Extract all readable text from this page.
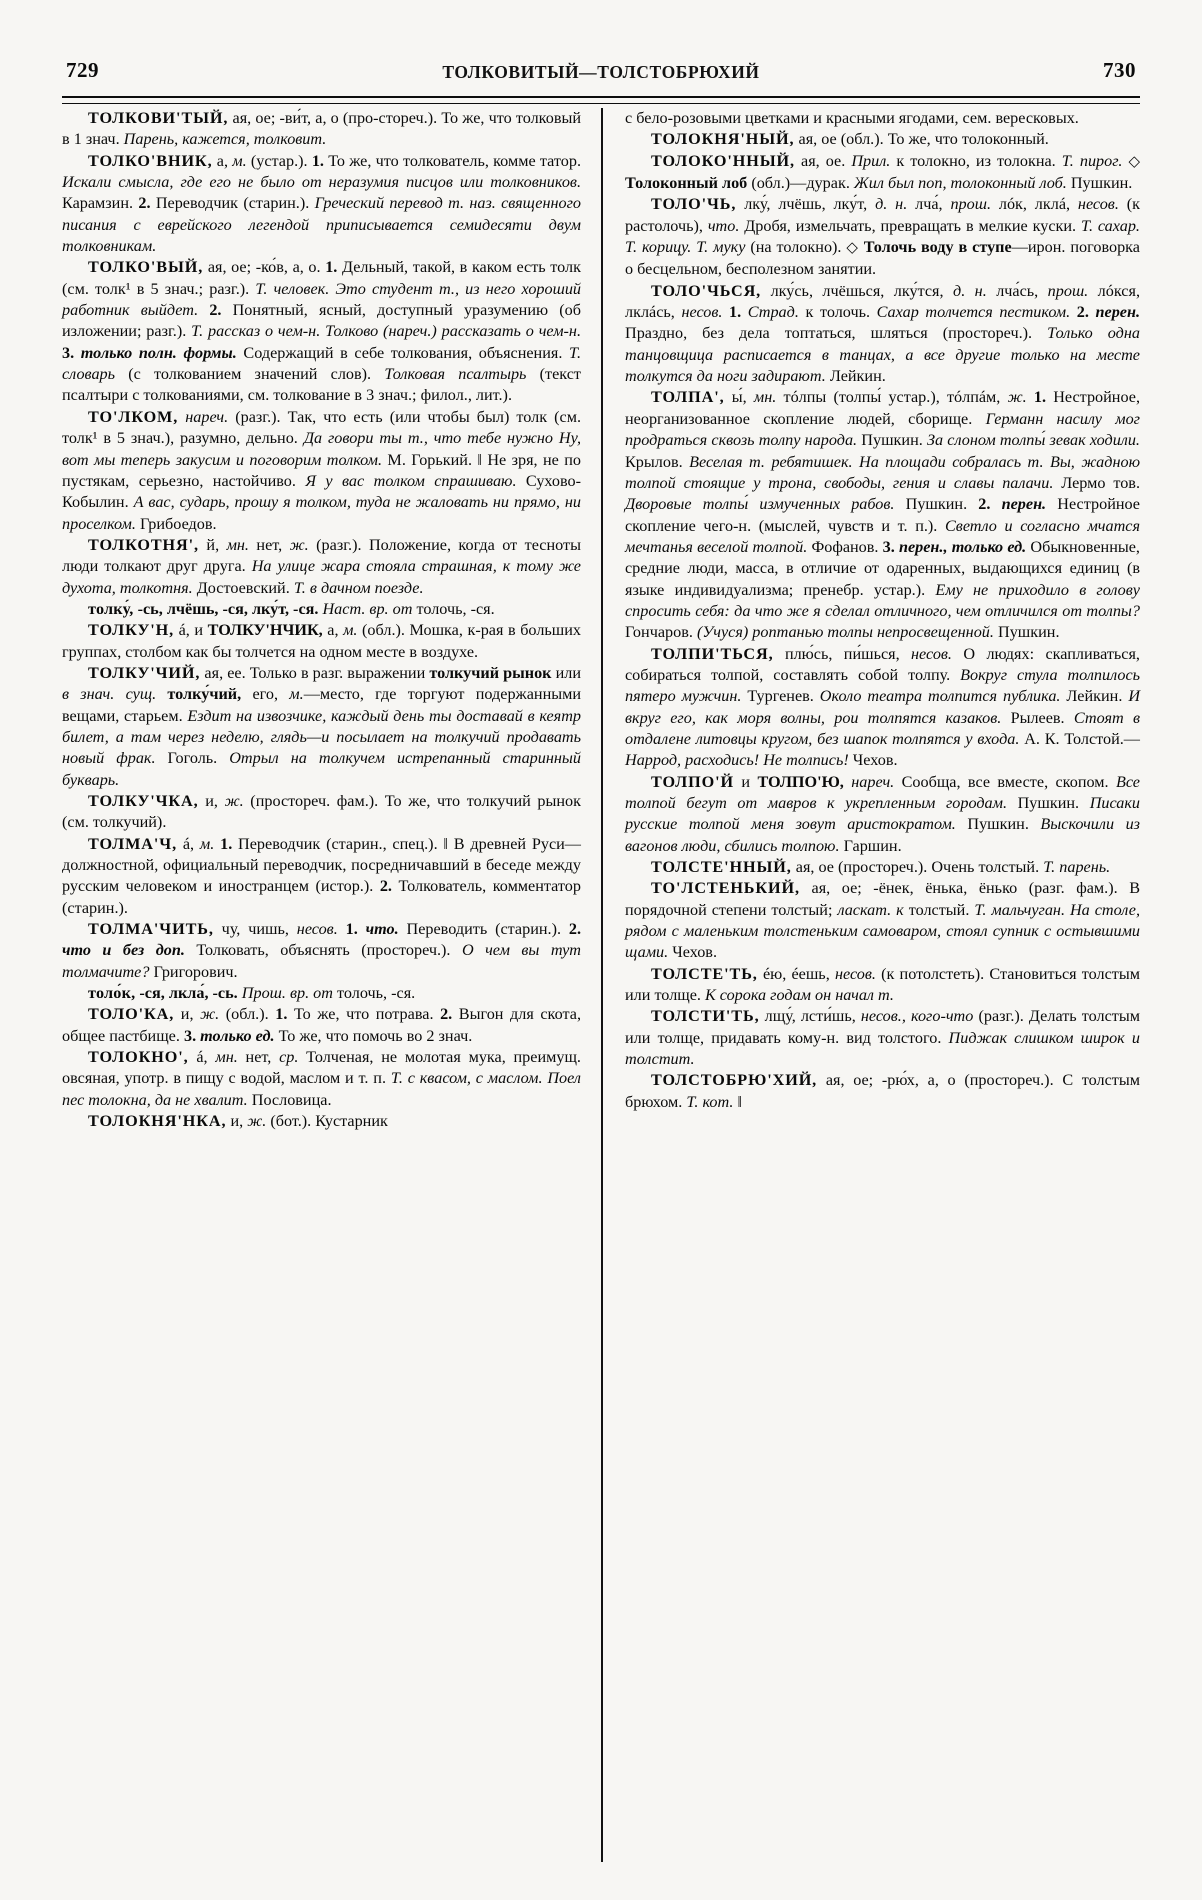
729	ТОЛКОВИТЫЙ—ТОЛСТОБРЮХИЙ	730

ТОЛКОВИ'ТЫЙ, ая, ое; -ви́т, а, о (про-стореч.). То же, что толковый в 1 знач. Парень, кажется, толковит.

ТОЛКО'ВНИК, а, м. (устар.). 1. То же, что толкователь, комме татор. Искали смысла, где его не было от неразумия писцов или толковников. Карамзин. 2. Переводчик (старин.). Греческий перевод т. наз. священного писания с еврейского легендой приписывается семидесяти двум толковникам.

ТОЛКО'ВЫЙ, ая, ое; -ко́в, а, о. 1. Дельный, такой, в каком есть толк (см. толк¹ в 5 знач.; разг.). Т. человек. Это студент т., из него хороший работник выйдет. 2. Понятный, ясный, доступный уразумению (об изложении; разг.). Т. рассказ о чем-н. Толково (нареч.) рассказать о чем-н. 3. только полн. формы. Содержащий в себе толкования, объяснения. Т. словарь (с толкованием значений слов). Толковая псалтырь (текст псалтыри с толкованиями, см. толкование в 3 знач.; филол., лит.).

ТО'ЛКОМ, нареч. (разг.). Так, что есть (или чтобы был) толк (см. толк¹ в 5 знач.), разумно, дельно. Да говори ты т., что тебе нужно Ну, вот мы теперь закусим и поговорим толком. М. Горький. ‖ Не зря, не по пустякам, серьезно, настойчиво. Я у вас толком спрашиваю. Сухово-Кобылин. А вас, сударь, прошу я толком, туда не жаловать ни прямо, ни проселком. Грибоедов.

ТОЛКОТНЯ', й, мн. нет, ж. (разг.). Положение, когда от тесноты люди толкают друг друга. На улице жара стояла страшная, к тому же духота, толкотня. Достоевский. Т. в дачном поезде.

толку́, -сь, лчёшь, -ся, лку́т, -ся. Наст. вр. от толочь, -ся.

ТОЛКУ'Н, á, и ТОЛКУ'НЧИК, а, м. (обл.). Мошка, к-рая в больших группах, столбом как бы толчется на одном месте в воздухе.

ТОЛКУ'ЧИЙ, ая, ее. Только в разг. выражении толкучий рынок или в знач. сущ. толку́чий, его, м.—место, где торгуют подержанными вещами, старьем. Ездит на извозчике, каждый день ты доставай в кеятр билет, а там через неделю, глядь—и посылает на толкучий продавать новый фрак. Гоголь. Отрыл на толкучем истрепанный старинный букварь.

ТОЛКУ'ЧКА, и, ж. (простореч. фам.). То же, что толкучий рынок (см. толкучий).

ТОЛМА'Ч, á, м. 1. Переводчик (старин., спец.). ‖ В древней Руси—должностной, официальный переводчик, посредничавший в беседе между русским человеком и иностранцем (истор.). 2. Толкователь, комментатор (старин.).

ТОЛМА'ЧИТЬ, чу, чишь, несов. 1. что. Переводить (старин.). 2. что и без доп. Толковать, объяснять (простореч.). О чем вы тут толмачите? Григорович.

толо́к, -ся, лкла́, -сь. Прош. вр. от толочь, -ся.

ТОЛО'КА, и, ж. (обл.). 1. То же, что потрава. 2. Выгон для скота, общее пастбище. 3. только ед. То же, что помочь во 2 знач.

ТОЛОКНО', á, мн. нет, ср. Толченая, не молотая мука, преимущ. овсяная, употр. в пищу с водой, маслом и т. п. Т. с квасом, с маслом. Поел пес толокна, да не хвалит. Пословица.

ТОЛОКНЯ'НКА, и, ж. (бот.). Кустарник

с бело-розовыми цветками и красными ягодами, сем. вересковых.

ТОЛОКНЯ'НЫЙ, ая, ое (обл.). То же, что толоконный.

ТОЛОКО'ННЫЙ, ая, ое. Прил. к толокно, из толокна. Т. пирог. ◇ Толоконный лоб (обл.)—дурак. Жил был поп, толоконный лоб. Пушкин.

ТОЛО'ЧЬ, лку́, лчёшь, лку́т, д. н. лча́, прош. лóк, лклá, несов. (к растолочь), что. Дробя, измельчать, превращать в мелкие куски. Т. сахар. Т. корицу. Т. муку (на толокно). ◇ Толочь воду в ступе—ирон. поговорка о бесцельном, бесполезном занятии.

ТОЛО'ЧЬСЯ, лку́сь, лчёшься, лку́тся, д. н. лча́сь, прош. лóкся, лклáсь, несов. 1. Страд. к толочь. Сахар толчется пестиком. 2. перен. Праздно, без дела топтаться, шляться (простореч.). Только одна танцовщица расписается в танцах, а все другие только на месте толкутся да ноги задирают. Лейкин.

ТОЛПА', ы́, мн. тóлпы (толпы́ устар.), тóлпáм, ж. 1. Нестройное, неорганизованное скопление людей, сборище. Германн насилу мог продраться сквозь толпу народа. Пушкин. За слоном толпы́ зевак ходили. Крылов. Веселая т. ребятишек. На площади собралась т. Вы, жадною толпой стоящие у трона, свободы, гения и славы палачи. Лермо тов. Дворовые толпы́ измученных рабов. Пушкин. 2. перен. Нестройное скопление чего-н. (мыслей, чувств и т. п.). Светло и согласно мчатся мечтанья веселой толпой. Фофанов. 3. перен., только ед. Обыкновенные, средние люди, масса, в отличие от одаренных, выдающихся единиц (в языке индивидуализма; пренебр. устар.). Ему не приходило в голову спросить себя: да что же я сделал отличного, чем отличился от толпы? Гончаров. (Учуся) роптанью толпы непросвещенной. Пушкин.

ТОЛПИ'ТЬСЯ, плю́сь, пи́шься, несов. О людях: скапливаться, собираться толпой, составлять собой толпу. Вокруг стула толпилось пятеро мужчин. Тургенев. Около театра толпится публика. Лейкин. И вкруг его, как моря волны, рои толпятся казаков. Рылеев. Стоят в отдалене литовцы кругом, без шапок толпятся у входа. А. К. Толстой.—Наррод, расходись! Не толпись! Чехов.

ТОЛПО'Й и ТОЛПО'Ю, нареч. Сообща, все вместе, скопом. Все толпой бегут от мавров к укрепленным городам. Пушкин. Писаки русские толпой меня зовут аристократом. Пушкин. Выскочили из вагонов люди, сбились толпою. Гаршин.

ТОЛСТЕ'ННЫЙ, ая, ое (простореч.). Очень толстый. Т. парень.

ТО'ЛСТЕНЬКИЙ, ая, ое; -ёнек, ёнька, ёнько (разг. фам.). В порядочной степени толстый; ласкат. к толстый. Т. мальчуган. На столе, рядом с маленьким толстеньким самоваром, стоял супник с остывшими щами. Чехов.

ТОЛСТЕ'ТЬ, éю, éешь, несов. (к потолстеть). Становиться толстым или толще. К сорока годам он начал т.

ТОЛСТИ'ТЬ, лщу́, лсти́шь, несов., кого-что (разг.). Делать толстым или толще, придавать кому-н. вид толстого. Пиджак слишком широк и толстит.

ТОЛСТОБРЮ'ХИЙ, ая, ое; -рю́х, а, о (простореч.). С толстым брюхом. Т. кот. ‖
